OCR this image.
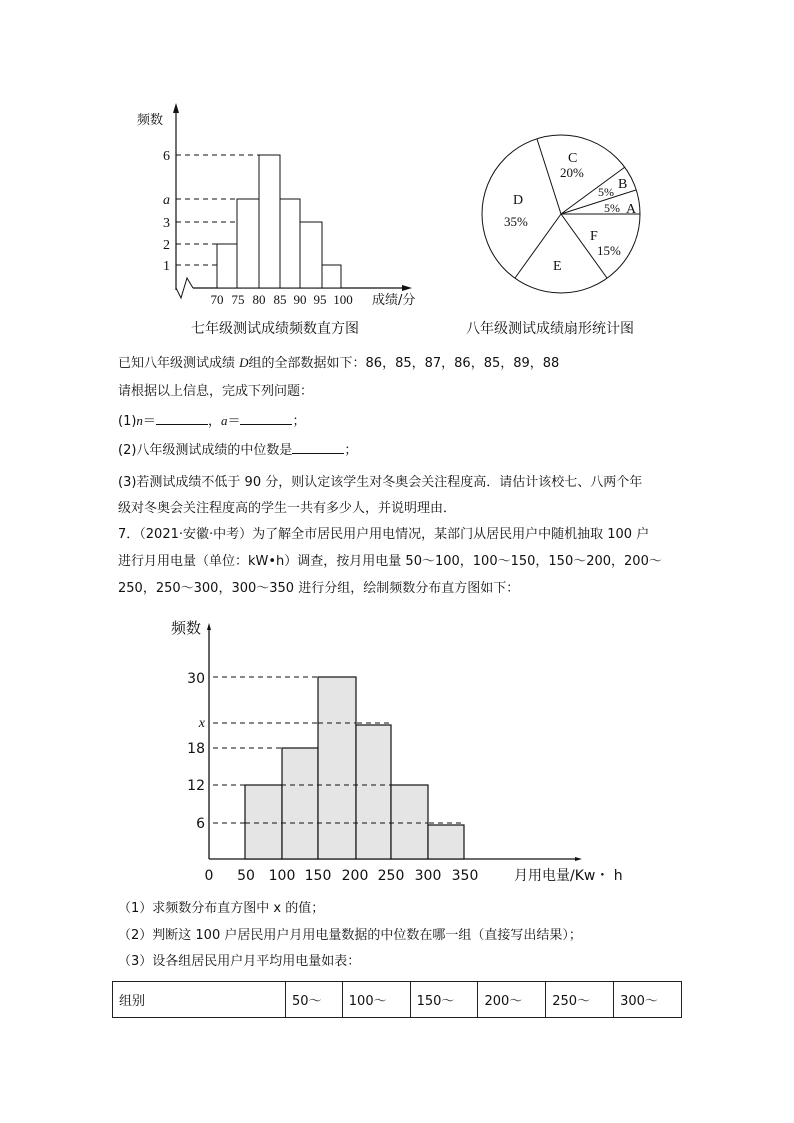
频数
6
a
3
2
1
70 75 80 85 90 95 100 成绩/分
C
20%
B
5%
A
5%
D
35%
E
F
15%
七年级测试成绩频数直方图	八年级测试成绩扇形统计图
已知八年级测试成绩 D组的全部数据如下：86，85，87，86，85，89，88
请根据以上信息，完成下列问题：
(1)n＝	，a＝	；
(2)八年级测试成绩的中位数是	；
(3)若测试成绩不低于 90 分，则认定该学生对冬奥会关注程度高．请估计该校七、八两个年
级对冬奥会关注程度高的学生一共有多少人，并说明理由．
7．（2021·安徽·中考）为了解全市居民用户用电情况，某部门从居民用户中随机抽取 100 户
进行月用电量（单位：kW•h）调查，按月用电量 50～100，100～150，150～200，200～
250，250～300，300～350 进行分组，绘制频数分布直方图如下：
频数
30
x
18
12
6
0 50 100 150 200 250 300 350	月用电量/Kw・ h
（1）求频数分布直方图中 x 的值；
（2）判断这 100 户居民用户月用电量数据的中位数在哪一组（直接写出结果）；
（3）设各组居民用户月平均用电量如表：
组别	50～	100～	150～	200～	250～	300～
